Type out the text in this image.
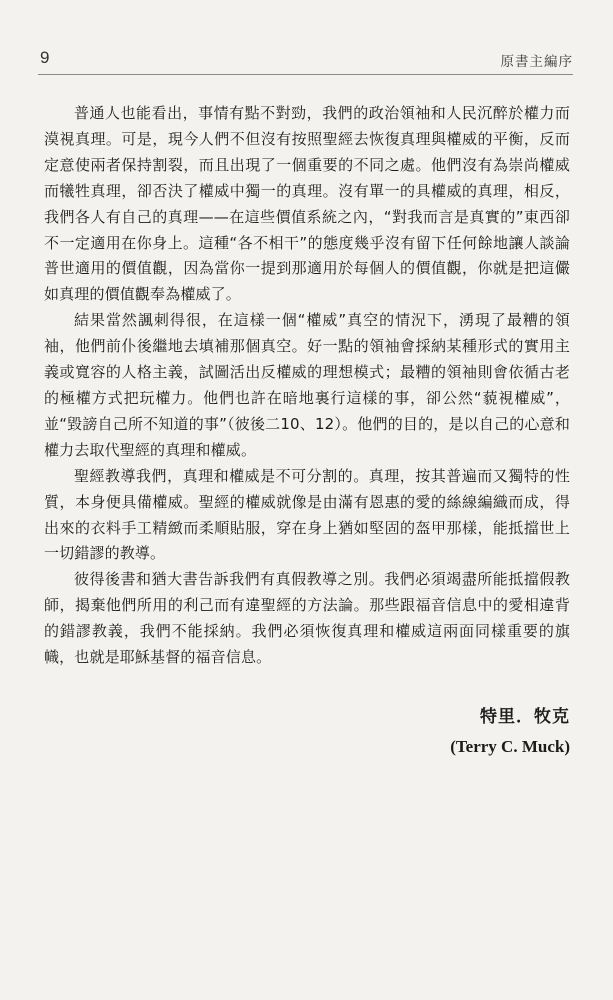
9	原書主編序

普通人也能看出，事情有點不對勁，我們的政治領袖和人民沉醉於權力而漠視真理。可是，現今人們不但沒有按照聖經去恢復真理與權威的平衡，反而定意使兩者保持割裂，而且出現了一個重要的不同之處。他們沒有為崇尚權威而犧牲真理，卻否決了權威中獨一的真理。沒有單一的具權威的真理，相反，我們各人有自己的真理——在這些價值系統之內，“對我而言是真實的”東西卻不一定適用在你身上。這種“各不相干”的態度幾乎沒有留下任何餘地讓人談論普世適用的價值觀，因為當你一提到那適用於每個人的價值觀，你就是把這儼如真理的價值觀奉為權威了。

結果當然諷刺得很，在這樣一個“權威”真空的情況下，湧現了最糟的領袖，他們前仆後繼地去填補那個真空。好一點的領袖會採納某種形式的實用主義或寬容的人格主義，試圖活出反權威的理想模式；最糟的領袖則會依循古老的極權方式把玩權力。他們也許在暗地裏行這樣的事，卻公然“藐視權威”，並“毀謗自己所不知道的事”（彼後二10、12）。他們的目的，是以自己的心意和權力去取代聖經的真理和權威。

聖經教導我們，真理和權威是不可分割的。真理，按其普遍而又獨特的性質，本身便具備權威。聖經的權威就像是由滿有恩惠的愛的絲線編織而成，得出來的衣料手工精緻而柔順貼服，穿在身上猶如堅固的盔甲那樣，能抵擋世上一切錯謬的教導。

彼得後書和猶大書告訴我們有真假教導之別。我們必須竭盡所能抵擋假教師，揭棄他們所用的利己而有違聖經的方法論。那些跟福音信息中的愛相違背的錯謬教義，我們不能採納。我們必須恢復真理和權威這兩面同樣重要的旗幟，也就是耶穌基督的福音信息。

特里．牧克
(Terry C. Muck)
